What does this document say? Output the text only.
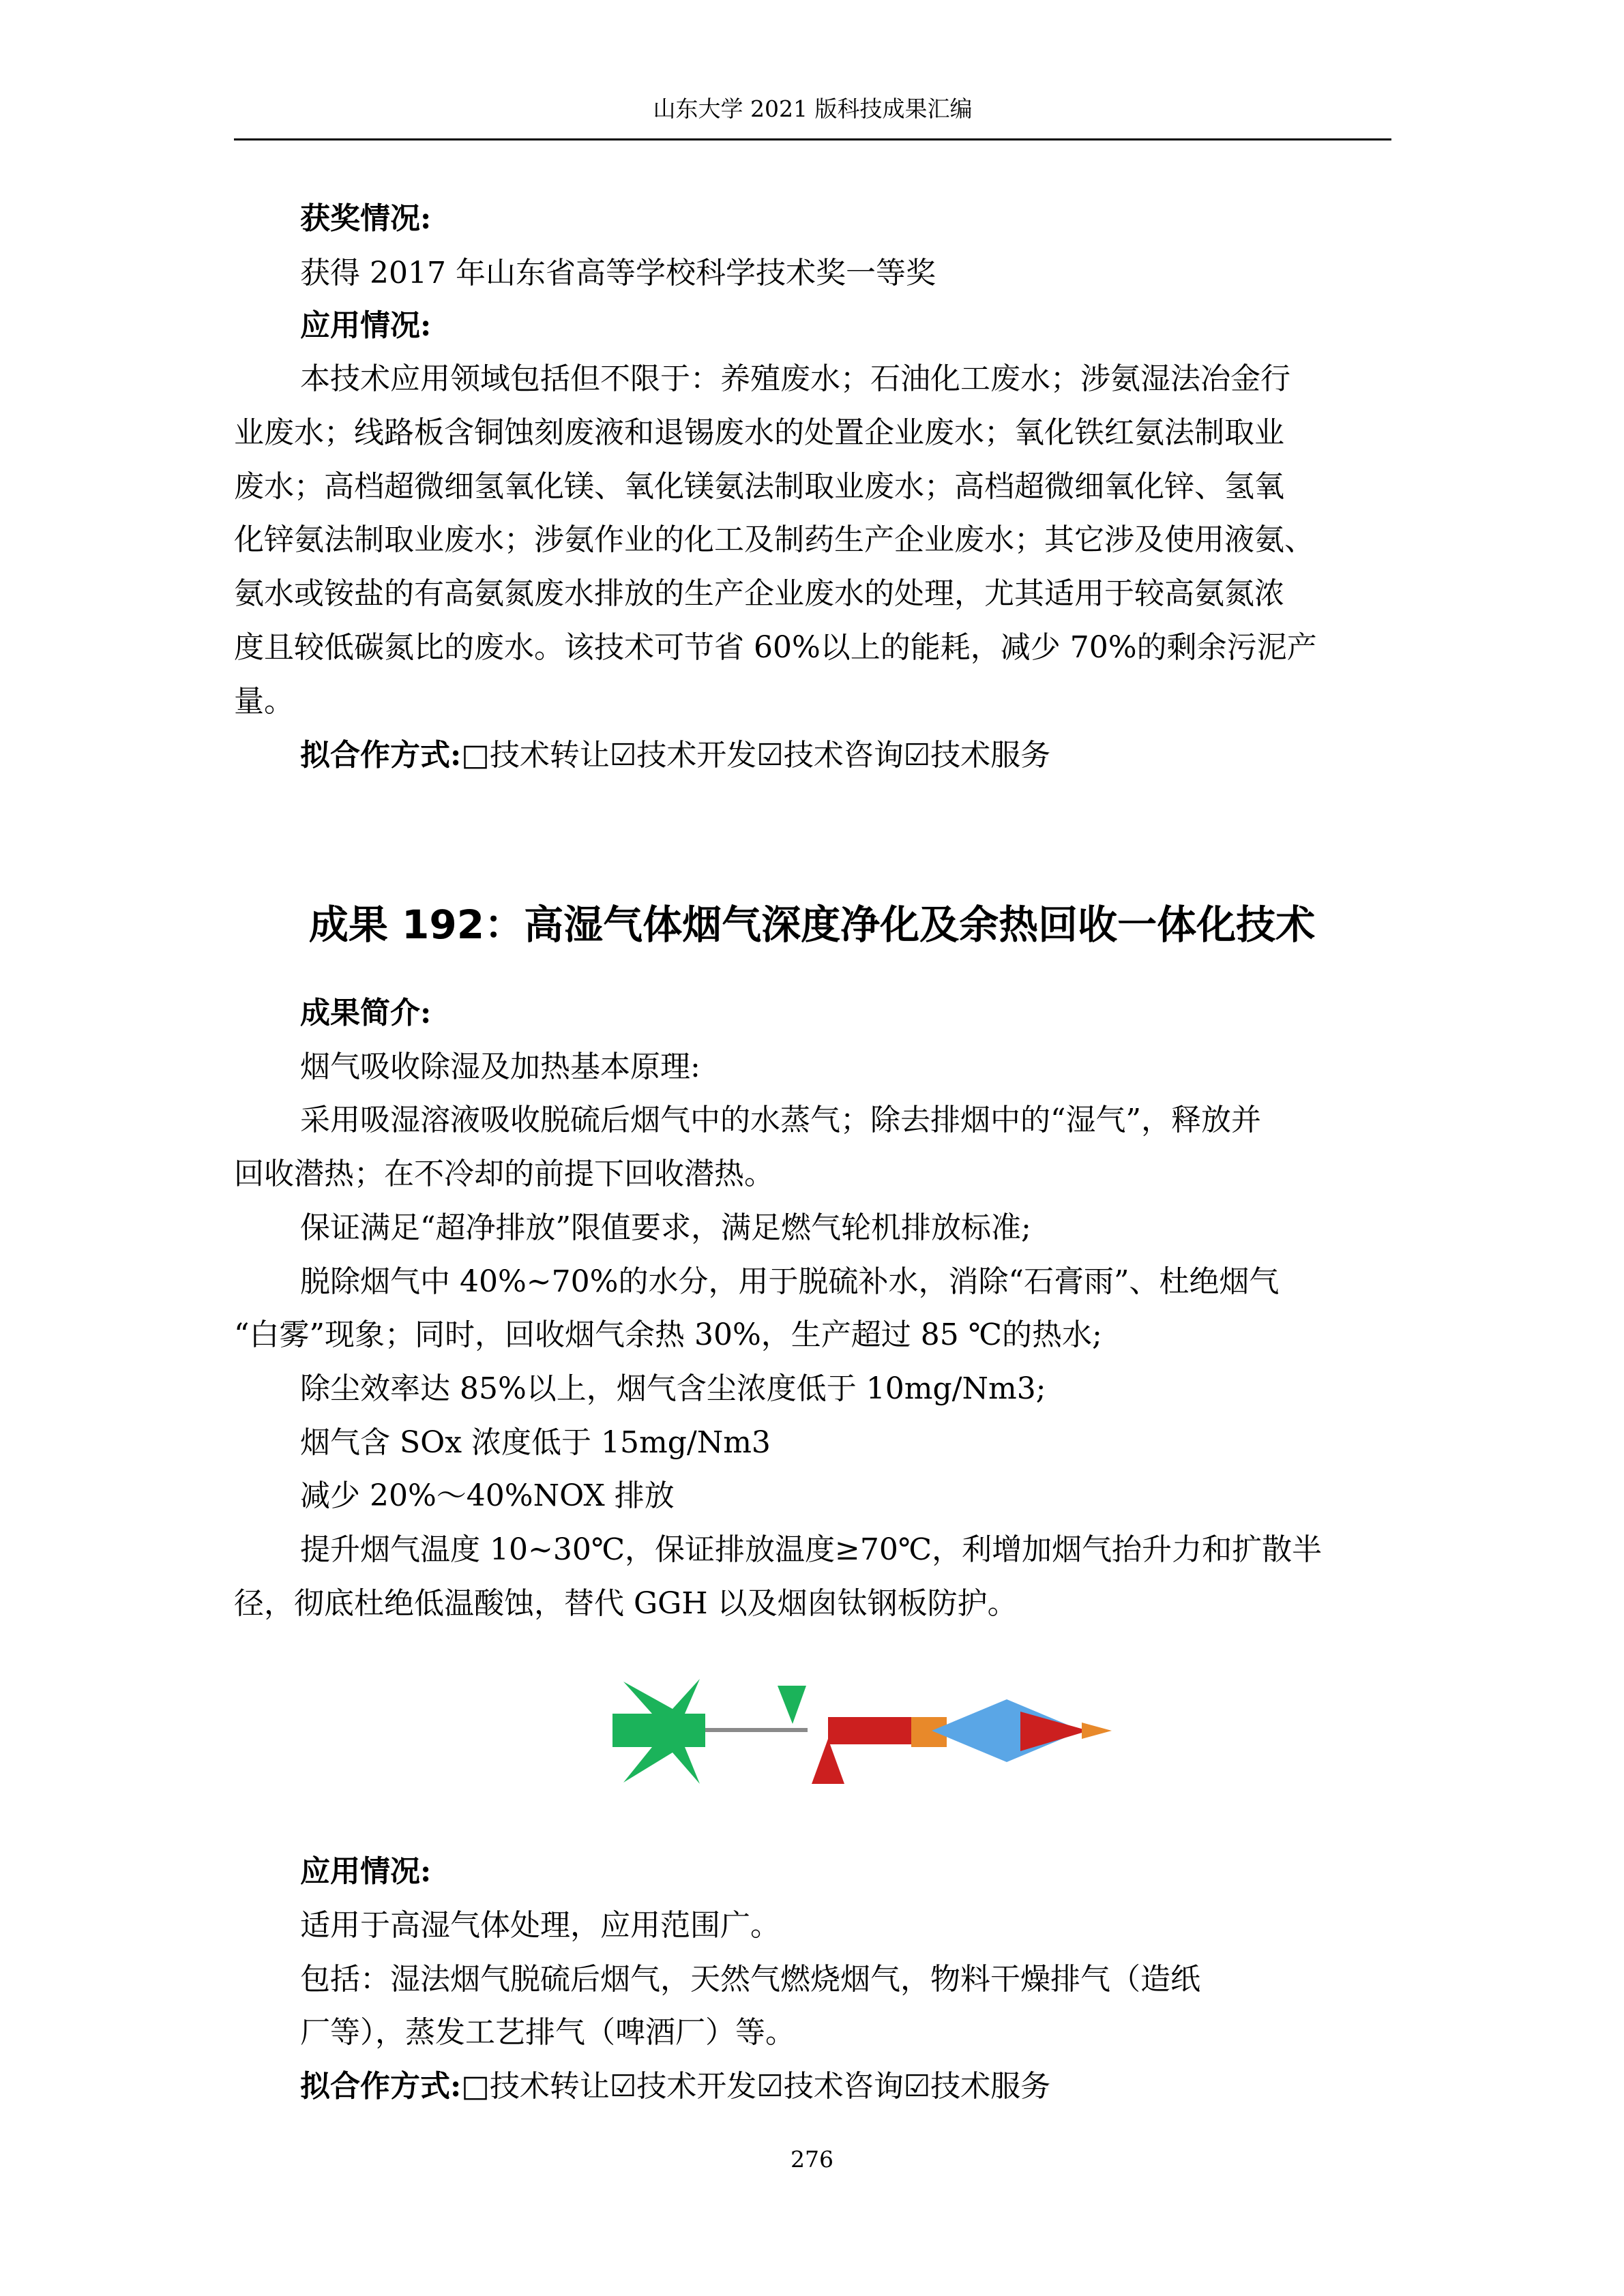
山东大学 2021 版科技成果汇编
获奖情况:
获得 2017 年山东省高等学校科学技术奖一等奖
应用情况:
本技术应用领域包括但不限于：养殖废水；石油化工废水；涉氨湿法冶金行
业废水；线路板含铜蚀刻废液和退锡废水的处置企业废水；氧化铁红氨法制取业
废水；高档超微细氢氧化镁、氧化镁氨法制取业废水；高档超微细氧化锌、氢氧
化锌氨法制取业废水；涉氨作业的化工及制药生产企业废水；其它涉及使用液氨、
氨水或铵盐的有高氨氮废水排放的生产企业废水的处理，尤其适用于较高氨氮浓
度且较低碳氮比的废水。该技术可节省 60%以上的能耗，减少 70%的剩余污泥产
量。
拟合作方式:□技术转让☑技术开发☑技术咨询☑技术服务
成果 192：高湿气体烟气深度净化及余热回收一体化技术
成果简介:
烟气吸收除湿及加热基本原理:
采用吸湿溶液吸收脱硫后烟气中的水蒸气；除去排烟中的“湿气”，释放并
回收潜热；在不冷却的前提下回收潜热。
保证满足“超净排放”限值要求，满足燃气轮机排放标准;
脱除烟气中 40%~70%的水分，用于脱硫补水，消除“石膏雨”、杜绝烟气
“白雾”现象；同时，回收烟气余热 30%，生产超过 85 ℃的热水;
除尘效率达 85%以上，烟气含尘浓度低于 10mg/Nm3;
烟气含 SOx 浓度低于 15mg/Nm3
减少 20%～40%NOX 排放
提升烟气温度 10~30℃，保证排放温度≥70℃，利增加烟气抬升力和扩散半
径，彻底杜绝低温酸蚀，替代 GGH 以及烟囱钛钢板防护。
应用情况:
适用于高湿气体处理，应用范围广。
包括：湿法烟气脱硫后烟气，天然气燃烧烟气，物料干燥排气（造纸
厂等），蒸发工艺排气（啤酒厂）等。
拟合作方式:□技术转让☑技术开发☑技术咨询☑技术服务
276
